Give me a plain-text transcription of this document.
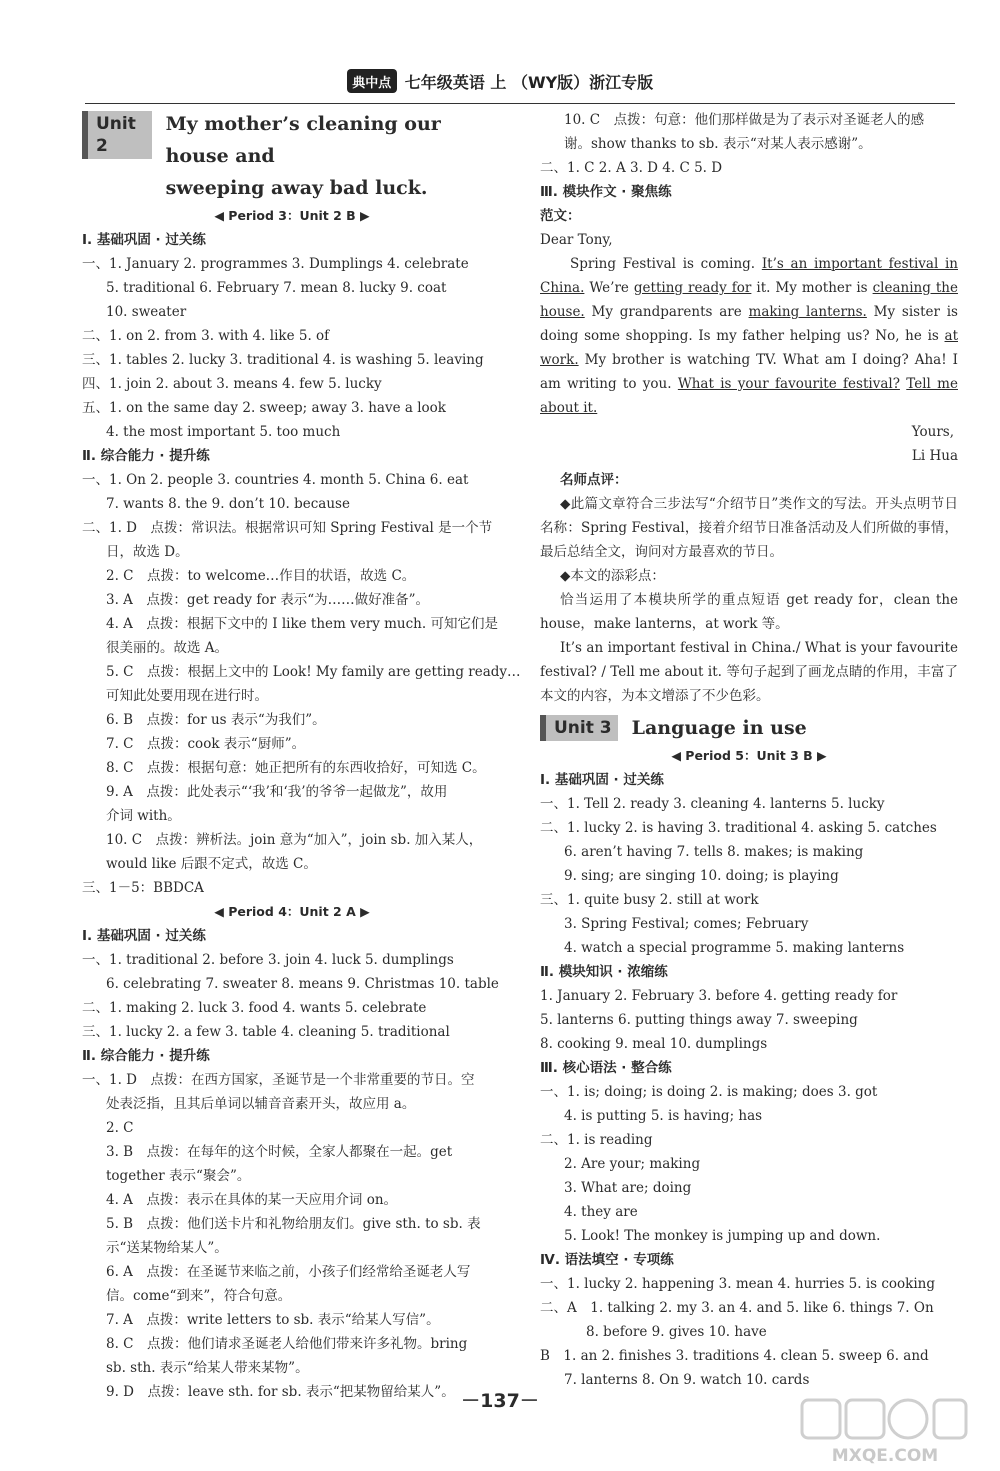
典中点 七年级英语 上 （WY版）浙江专版
Unit 2
My mother’s cleaning our house and
sweeping away bad luck.
◀ Period 3：Unit 2 B ▶
Ⅰ. 基础巩固 · 过关练
一、1. January 2. programmes 3. Dumplings 4. celebrate
5. traditional 6. February 7. mean 8. lucky 9. coat
10. sweater
二、1. on 2. from 3. with 4. like 5. of
三、1. tables 2. lucky 3. traditional 4. is washing 5. leaving
四、1. join 2. about 3. means 4. few 5. lucky
五、1. on the same day 2. sweep; away 3. have a look
4. the most important 5. too much
Ⅱ. 综合能力 · 提升练
一、1. On 2. people 3. countries 4. month 5. China 6. eat
7. wants 8. the 9. don’t 10. because
二、1. D　点拨：常识法。根据常识可知 Spring Festival 是一个节
日，故选 D。
2. C　点拨：to welcome…作目的状语，故选 C。
3. A　点拨：get ready for 表示“为……做好准备”。
4. A　点拨：根据下文中的 I like them very much. 可知它们是
很美丽的。故选 A。
5. C　点拨：根据上文中的 Look! My family are getting ready…
可知此处要用现在进行时。
6. B　点拨：for us 表示“为我们”。
7. C　点拨：cook 表示“厨师”。
8. C　点拨：根据句意：她正把所有的东西收拾好，可知选 C。
9. A　点拨：此处表示“‘我’和‘我’的爷爷一起做龙”，故用
介词 with。
10. C　点拨：辨析法。join 意为“加入”，join sb. 加入某人，
would like 后跟不定式，故选 C。
三、1－5：BBDCA
◀ Period 4：Unit 2 A ▶
Ⅰ. 基础巩固 · 过关练
一、1. traditional 2. before 3. join 4. luck 5. dumplings
6. celebrating 7. sweater 8. means 9. Christmas 10. table
二、1. making 2. luck 3. food 4. wants 5. celebrate
三、1. lucky 2. a few 3. table 4. cleaning 5. traditional
Ⅱ. 综合能力 · 提升练
一、1. D　点拨：在西方国家，圣诞节是一个非常重要的节日。空
处表泛指，且其后单词以辅音音素开头，故应用 a。
2. C
3. B　点拨：在每年的这个时候，全家人都聚在一起。get
together 表示“聚会”。
4. A　点拨：表示在具体的某一天应用介词 on。
5. B　点拨：他们送卡片和礼物给朋友们。give sth. to sb. 表
示“送某物给某人”。
6. A　点拨：在圣诞节来临之前，小孩子们经常给圣诞老人写
信。come“到来”，符合句意。
7. A　点拨：write letters to sb. 表示“给某人写信”。
8. C　点拨：他们请求圣诞老人给他们带来许多礼物。bring
sb. sth. 表示“给某人带来某物”。
9. D　点拨：leave sth. for sb. 表示“把某物留给某人”。
10. C　点拨：句意：他们那样做是为了表示对圣诞老人的感
谢。show thanks to sb. 表示“对某人表示感谢”。
二、1. C 2. A 3. D 4. C 5. D
Ⅲ. 模块作文 · 聚焦练
范文：
Dear Tony,
Spring Festival is coming. It’s an important festival in China. We’re getting ready for it. My mother is cleaning the house. My grandparents are making lanterns. My sister is doing some shopping. Is my father helping us? No, he is at work. My brother is watching TV. What am I doing? Aha! I am writing to you. What is your favourite festival? Tell me about it.
Yours,
Li Hua
名师点评：
◆此篇文章符合三步法写“介绍节日”类作文的写法。开头点明节日名称：Spring Festival，接着介绍节日准备活动及人们所做的事情，最后总结全文，询问对方最喜欢的节日。
◆本文的添彩点：
恰当运用了本模块所学的重点短语 get ready for，clean the house，make lanterns，at work 等。
It’s an important festival in China./ What is your favourite festival? / Tell me about it. 等句子起到了画龙点睛的作用，丰富了本文的内容，为本文增添了不少色彩。
Unit 3	Language in use
◀ Period 5：Unit 3 B ▶
Ⅰ. 基础巩固 · 过关练
一、1. Tell 2. ready 3. cleaning 4. lanterns 5. lucky
二、1. lucky 2. is having 3. traditional 4. asking 5. catches
6. aren’t having 7. tells 8. makes; is making
9. sing; are singing 10. doing; is playing
三、1. quite busy 2. still at work
3. Spring Festival; comes; February
4. watch a special programme 5. making lanterns
Ⅱ. 模块知识 · 浓缩练
1. January 2. February 3. before 4. getting ready for
5. lanterns 6. putting things away 7. sweeping
8. cooking 9. meal 10. dumplings
Ⅲ. 核心语法 · 整合练
一、1. is; doing; is doing 2. is making; does 3. got
4. is putting 5. is having; has
二、1. is reading
2. Are your; making
3. What are; doing
4. they are
5. Look! The monkey is jumping up and down.
Ⅳ. 语法填空 · 专项练
一、1. lucky 2. happening 3. mean 4. hurries 5. is cooking
二、A　1. talking 2. my 3. an 4. and 5. like 6. things 7. On
8. before 9. gives 10. have
B　1. an 2. finishes 3. traditions 4. clean 5. sweep 6. and
7. lanterns 8. On 9. watch 10. cards
－137－
MXQE.COM
